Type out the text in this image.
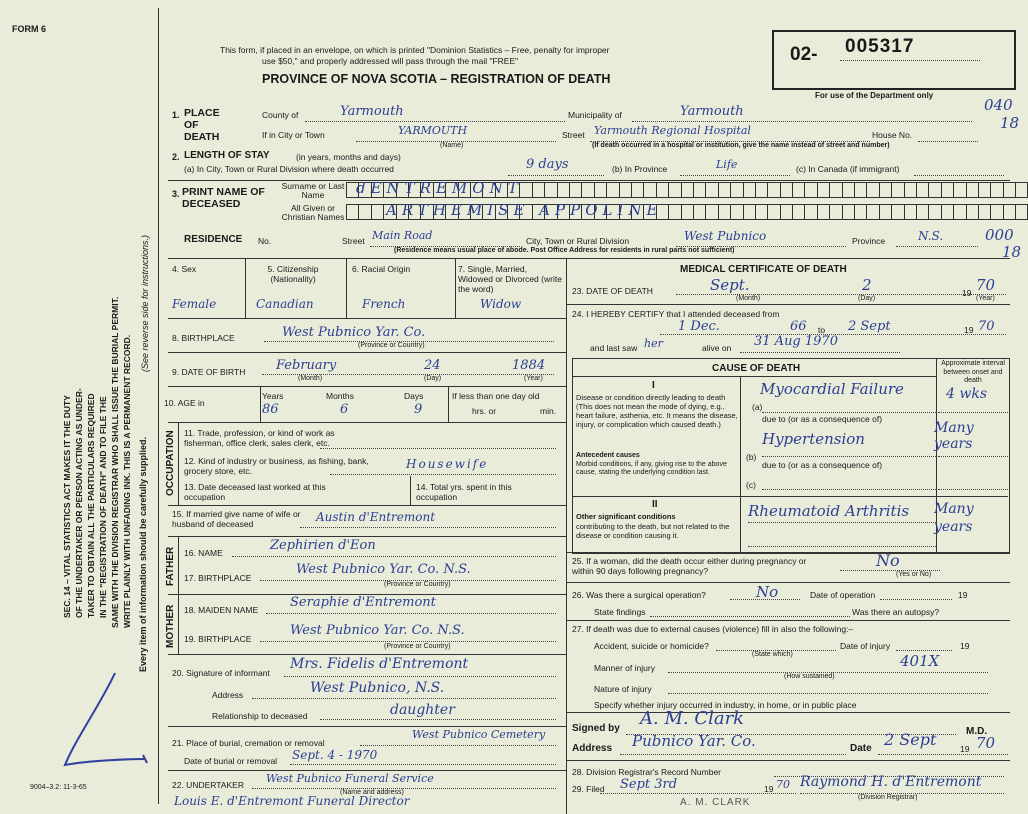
FORM 6
SEC. 14 – VITAL STATISTICS ACT MAKES IT THE DUTY OF THE UNDERTAKER OR PERSON ACTING AS UNDER- TAKER TO OBTAIN ALL THE PARTICULARS REQUIRED IN THE "REGISTRATION OF DEATH" AND TO FILE THE SAME WITH THE DIVISION REGISTRAR WHO SHALL ISSUE THE BURIAL PERMIT. WRITE PLAINLY WITH UNFADING INK. THIS IS A PERMANENT RECORD. Every item of information should be carefully supplied.
(See reverse side for instructions.)
9004–3.2: 11-3-65
This form, if placed in an envelope, on which is printed "Dominion Statistics – Free, penalty for improper
use $50," and properly addressed will pass through the mail "FREE"
PROVINCE OF NOVA SCOTIA – REGISTRATION OF DEATH
02- 005317
For use of the Department only
040
18
000
18
1. PLACE OF DEATH
County of	Yarmouth	Municipality of	Yarmouth
If in City or Town	YARMOUTH
(Name)
Street Yarmouth Regional Hospital	House No.
(If death occurred in a hospital or institution, give the name instead of street and number)
2. LENGTH OF STAY	(in years, months and days)
(a) In City, Town or Rural Division where death occurred	9 days	(b) In Province	Life	(c) In Canada (if immigrant)
3. PRINT NAME OF DECEASED
Surname or Last Name
All Given or Christian Names
dENTREMONT
ARTHEMISE APPOLINE
RESIDENCE No.	Street Main Road	City, Town or Rural Division	West Pubnico	Province	N.S.
(Residence means usual place of abode. Post Office Address for residents in rural parts not sufficient)
4. Sex
Female
5. Citizenship (Nationality)
Canadian
6. Racial Origin
French
7. Single, Married, Widowed or Divorced (write the word)
Widow
8. BIRTHPLACE	West Pubnico Yar. Co.
(Province or Country)
9. DATE OF BIRTH February	24	1884
(Month)	(Day)	(Year)
10. AGE in
Years
86
Months
6
Days
9
If less than one day old
hrs. or	min.
OCCUPATION 11. Trade, profession, or kind of work as fisherman, office clerk, sales clerk, etc.
12. Kind of industry or business, as fishing, bank, grocery store, etc.	Housewife
13. Date deceased last worked at this occupation
14. Total yrs. spent in this occupation
15. If married give name of wife or husband of deceased	Austin d'Entremont
FATHER 16. NAME	Zephirien d'Eon
17. BIRTHPLACE
West Pubnico Yar. Co. N.S.
(Province or Country)
MOTHER 18. MAIDEN NAME Seraphie d'Entremont
19. BIRTHPLACE
West Pubnico Yar. Co. N.S.
(Province or Country)
20. Signature of informant
Mrs. Fidelis d'Entremont
Address	West Pubnico, N.S.
Relationship to deceased	daughter
21. Place of burial, cremation or removal
West Pubnico Cemetery
Date of burial or removal Sept. 4 - 1970
22. UNDERTAKER West Pubnico Funeral Service
(Name and address)
Louis E. d'Entremont Funeral Director
MEDICAL CERTIFICATE OF DEATH
23. DATE OF DEATH	Sept.	2	19 70
(Month)	(Day)	(Year)
24. I HEREBY CERTIFY that I attended deceased from
1 Dec.	66 to 2 Sept	19 70
and last saw her	alive on 31 Aug 1970
CAUSE OF DEATH	Approximate interval between onset and death
I
Disease or condition directly leading to death (This does not mean the mode of dying, e.g., heart failure, asthenia, etc. It means the disease, injury, or complication which caused death.)
(a)
Myocardial Failure	4 wks
due to (or as a consequence of)
Antecedent causes
Morbid conditions, if any, giving rise to the above cause, stating the underlying condition last.
(b)
Hypertension
Many years
due to (or as a consequence of)
(c)
II
Other significant conditions
contributing to the death, but not related to the disease or condition causing it.
Rheumatoid Arthritis	Many years
25. If a woman, did the death occur either during pregnancy or within 90 days following pregnancy?
No
(Yes or No)
26. Was there a surgical operation?	No	Date of operation	19
State findings	Was there an autopsy?
27. If death was due to external causes (violence) fill in also the following:–
Accident, suicide or homicide?	Date of injury	19
(State which)
Manner of injury	401X
(How sustained)
Nature of injury
Specify whether injury occurred in industry, in home, or in public place
Signed by A. M. Clark
M.D.
Address Pubnico Yar. Co.	Date 2 Sept	19 70
28. Division Registrar's Record Number
29. Filed Sept 3rd	19 70 Raymond H. d'Entremont
(Division Registrar)
A. M. CLARK
